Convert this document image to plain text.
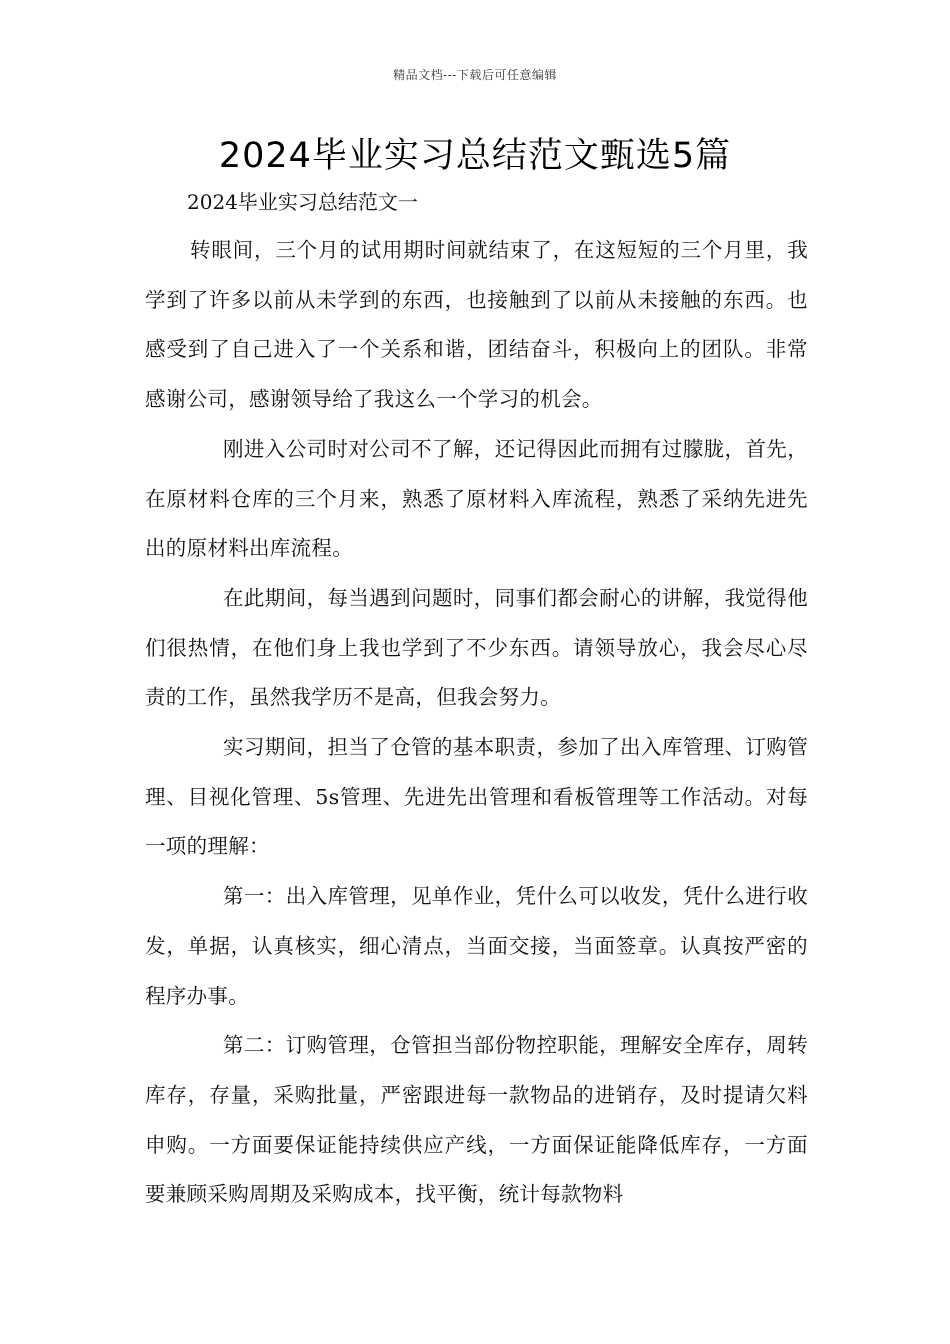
精品文档---下载后可任意编辑
2024毕业实习总结范文甄选5篇
2024毕业实习总结范文一

转眼间，三个月的试用期时间就结束了，在这短短的三个月里，我学到了许多以前从未学到的东西，也接触到了以前从未接触的东西。也感受到了自己进入了一个关系和谐，团结奋斗，积极向上的团队。非常感谢公司，感谢领导给了我这么一个学习的机会。

刚进入公司时对公司不了解，还记得因此而拥有过朦胧，首先，在原材料仓库的三个月来，熟悉了原材料入库流程，熟悉了采纳先进先出的原材料出库流程。

在此期间，每当遇到问题时，同事们都会耐心的讲解，我觉得他们很热情，在他们身上我也学到了不少东西。请领导放心，我会尽心尽责的工作，虽然我学历不是高，但我会努力。

实习期间，担当了仓管的基本职责，参加了出入库管理、订购管理、目视化管理、5s管理、先进先出管理和看板管理等工作活动。对每一项的理解：

第一：出入库管理，见单作业，凭什么可以收发，凭什么进行收发，单据，认真核实，细心清点，当面交接，当面签章。认真按严密的程序办事。

第二：订购管理，仓管担当部份物控职能，理解安全库存，周转库存，存量，采购批量，严密跟进每一款物品的进销存，及时提请欠料申购。一方面要保证能持续供应产线，一方面保证能降低库存，一方面要兼顾采购周期及采购成本，找平衡，统计每款物料
